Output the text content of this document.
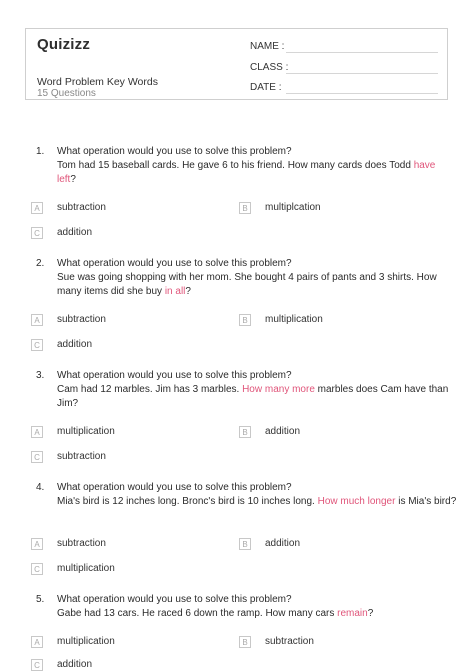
Quizizz
Word Problem Key Words
15 Questions
NAME :
CLASS :
DATE :
1. What operation would you use to solve this problem?
Tom had 15 baseball cards. He gave 6 to his friend. How many cards does Todd have left?
A	subtraction	B	multiplcation
C	addition
2. What operation would you use to solve this problem?
Sue was going shopping with her mom. She bought 4 pairs of pants and 3 shirts. How many items did she buy in all?
A	subtraction	B	multiplication
C	addition
3. What operation would you use to solve this problem?
Cam had 12 marbles. Jim has 3 marbles. How many more marbles does Cam have than Jim?
A	multiplication	B	addition
C	subtraction
4. What operation would you use to solve this problem?
Mia's bird is 12 inches long. Bronc's bird is 10 inches long. How much longer is Mia's bird?
A	subtraction	B	addition
C	multiplication
5. What operation would you use to solve this problem?
Gabe had 13 cars. He raced 6 down the ramp. How many cars remain?
A	multiplication	B	subtraction
C	addition
